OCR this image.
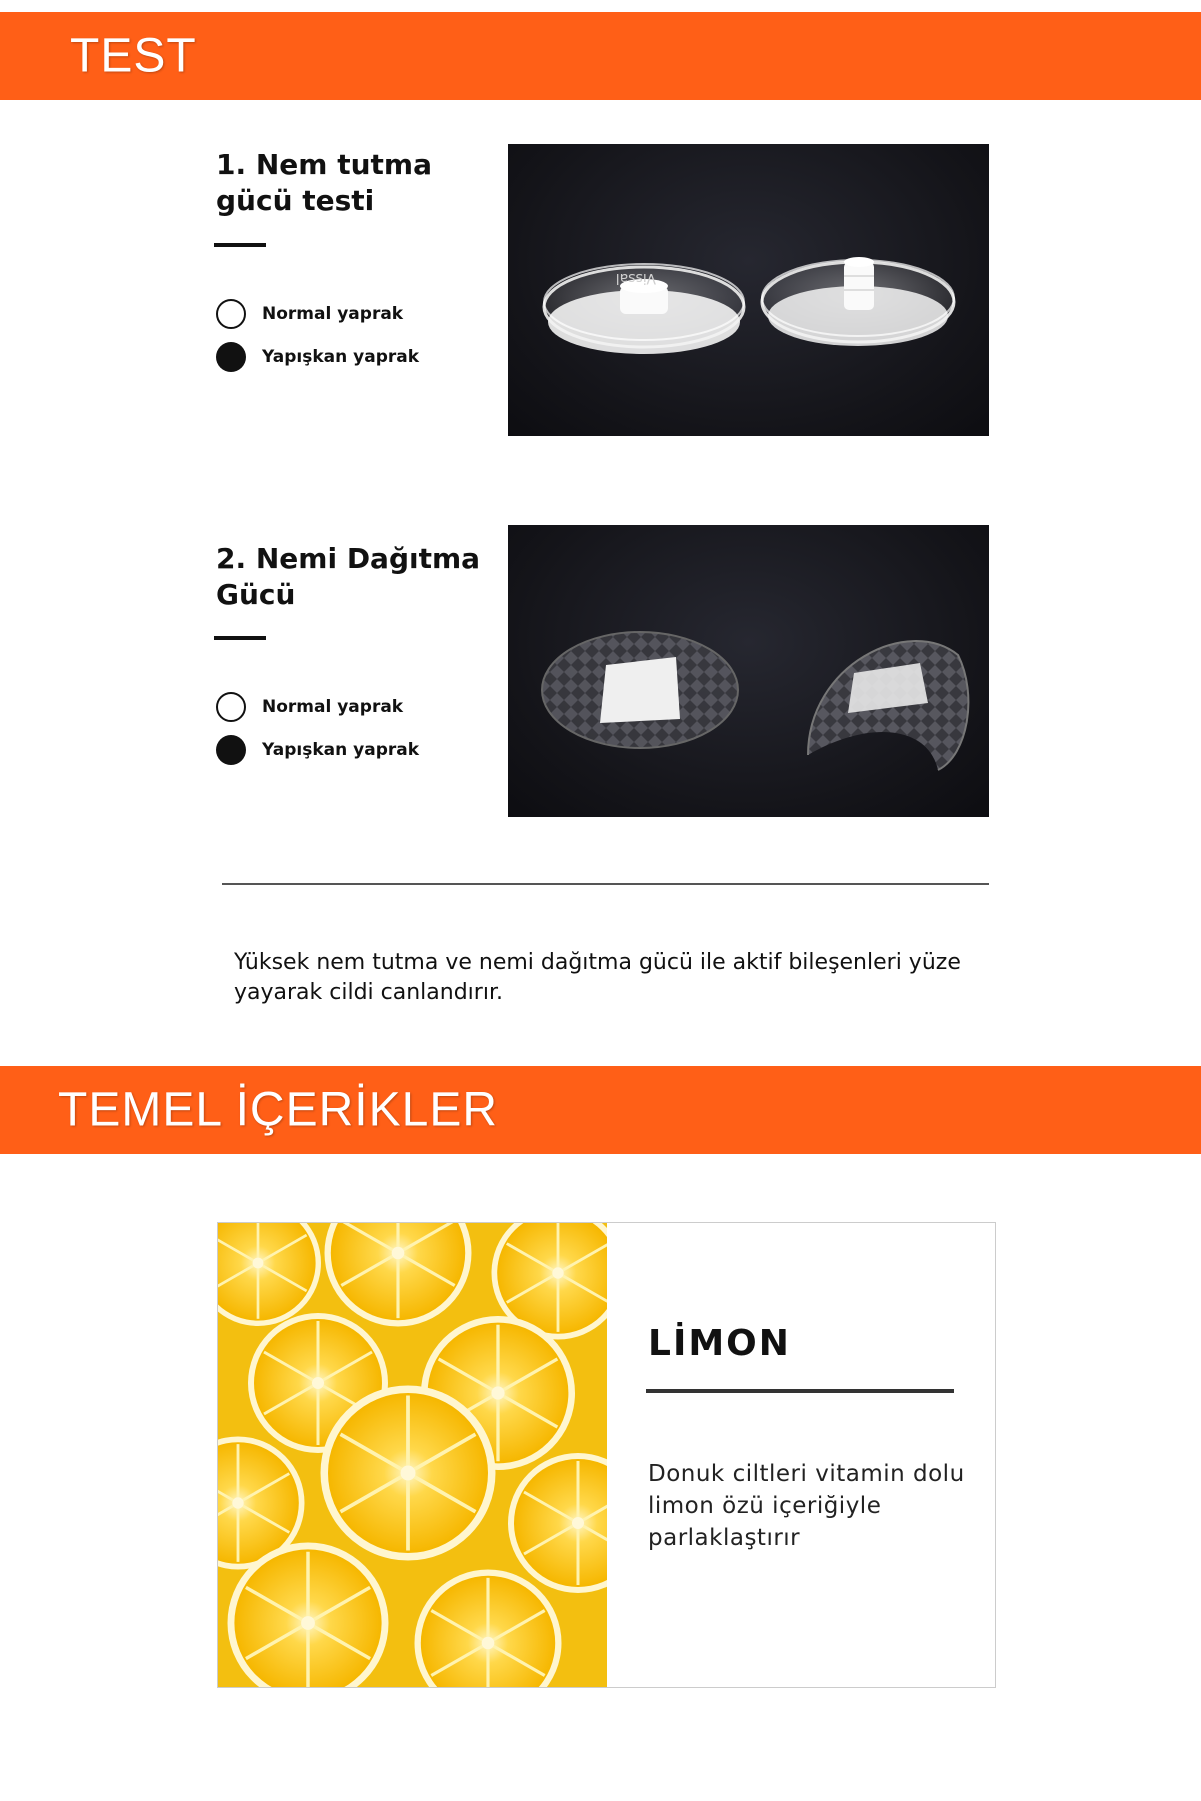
TEST
1. Nem tutma
gücü testi
Normal yaprak
Yapışkan yaprak
Vissal
2. Nemi Dağıtma
Gücü
Normal yaprak
Yapışkan yaprak
Yüksek nem tutma ve nemi dağıtma gücü ile aktif bileşenleri yüze
yayarak cildi canlandırır.
TEMEL İÇERİKLER
LİMON
Donuk ciltleri vitamin dolu
limon özü içeriğiyle
parlaklaştırır
